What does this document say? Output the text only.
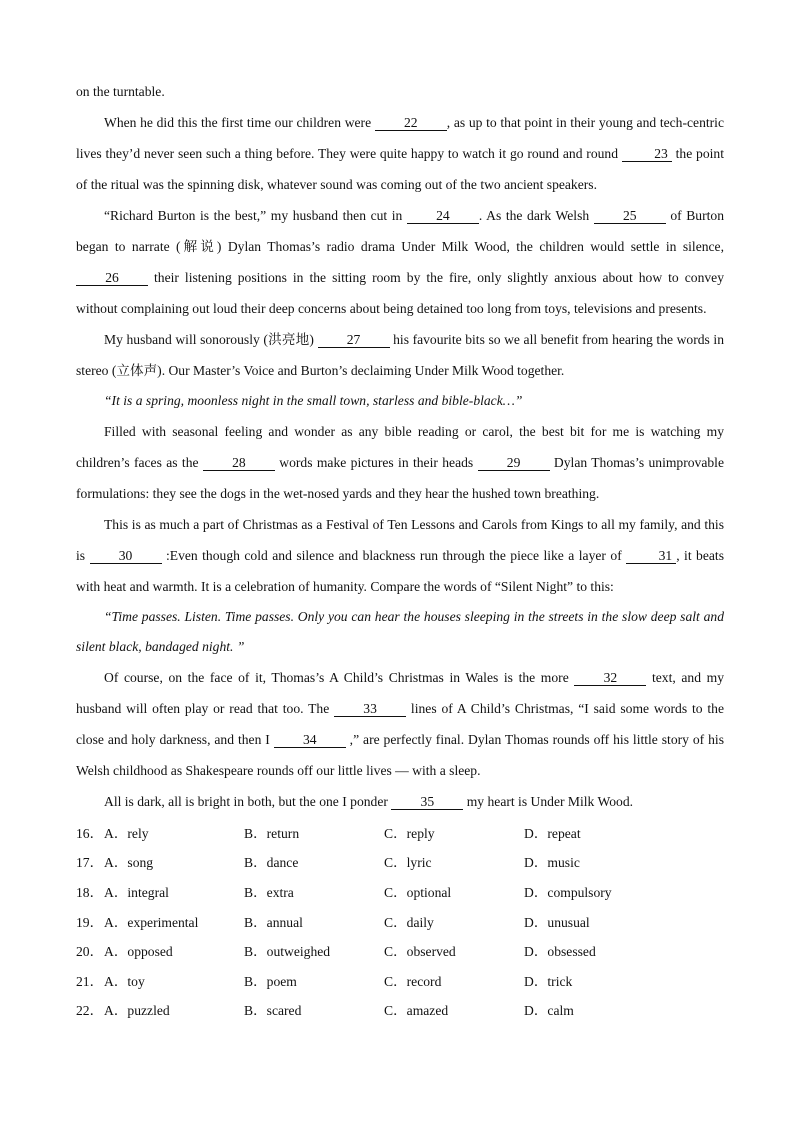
on the turntable.

When he did this the first time our children were 22 , as up to that point in their young and tech-centric lives they’d never seen such a thing before. They were quite happy to watch it go round and round 23 the point of the ritual was the spinning disk, whatever sound was coming out of the two ancient speakers.

“Richard Burton is the best,” my husband then cut in 24 . As the dark Welsh 25 of Burton began to narrate (解说) Dylan Thomas’s radio drama Under Milk Wood, the children would settle in silence, 26 their listening positions in the sitting room by the fire, only slightly anxious about how to convey without complaining out loud their deep concerns about being detained too long from toys, televisions and presents.

My husband will sonorously (洪亮地) 27 his favourite bits so we all benefit from hearing the words in stereo (立体声). Our Master’s Voice and Burton’s declaiming Under Milk Wood together.

“It is a spring, moonless night in the small town, starless and bible-black…”

Filled with seasonal feeling and wonder as any bible reading or carol, the best bit for me is watching my children’s faces as the 28 words make pictures in their heads 29 Dylan Thomas’s unimprovable formulations: they see the dogs in the wet-nosed yards and they hear the hushed town breathing.

This is as much a part of Christmas as a Festival of Ten Lessons and Carols from Kings to all my family, and this is 30 :Even though cold and silence and blackness run through the piece like a layer of 31 , it beats with heat and warmth. It is a celebration of humanity. Compare the words of “Silent Night” to this:

“Time passes. Listen. Time passes. Only you can hear the houses sleeping in the streets in the slow deep salt and silent black, bandaged night. ”

Of course, on the face of it, Thomas’s A Child’s Christmas in Wales is the more 32 text, and my husband will often play or read that too. The 33 lines of A Child’s Christmas, “I said some words to the close and holy darkness, and then I 34 ,” are perfectly final. Dylan Thomas rounds off his little story of his Welsh childhood as Shakespeare rounds off our little lives — with a sleep.

All is dark, all is bright in both, but the one I ponder 35 my heart is Under Milk Wood.

16． A．rely	B．return	C．reply	D．repeat
17． A．song	B．dance	C．lyric	D．music
18． A．integral	B．extra	C．optional	D．compulsory
19． A．experimental	B．annual	C．daily	D．unusual
20． A．opposed	B．outweighed	C．observed	D．obsessed
21． A．toy	B．poem	C．record	D．trick
22． A．puzzled	B．scared	C．amazed	D．calm
